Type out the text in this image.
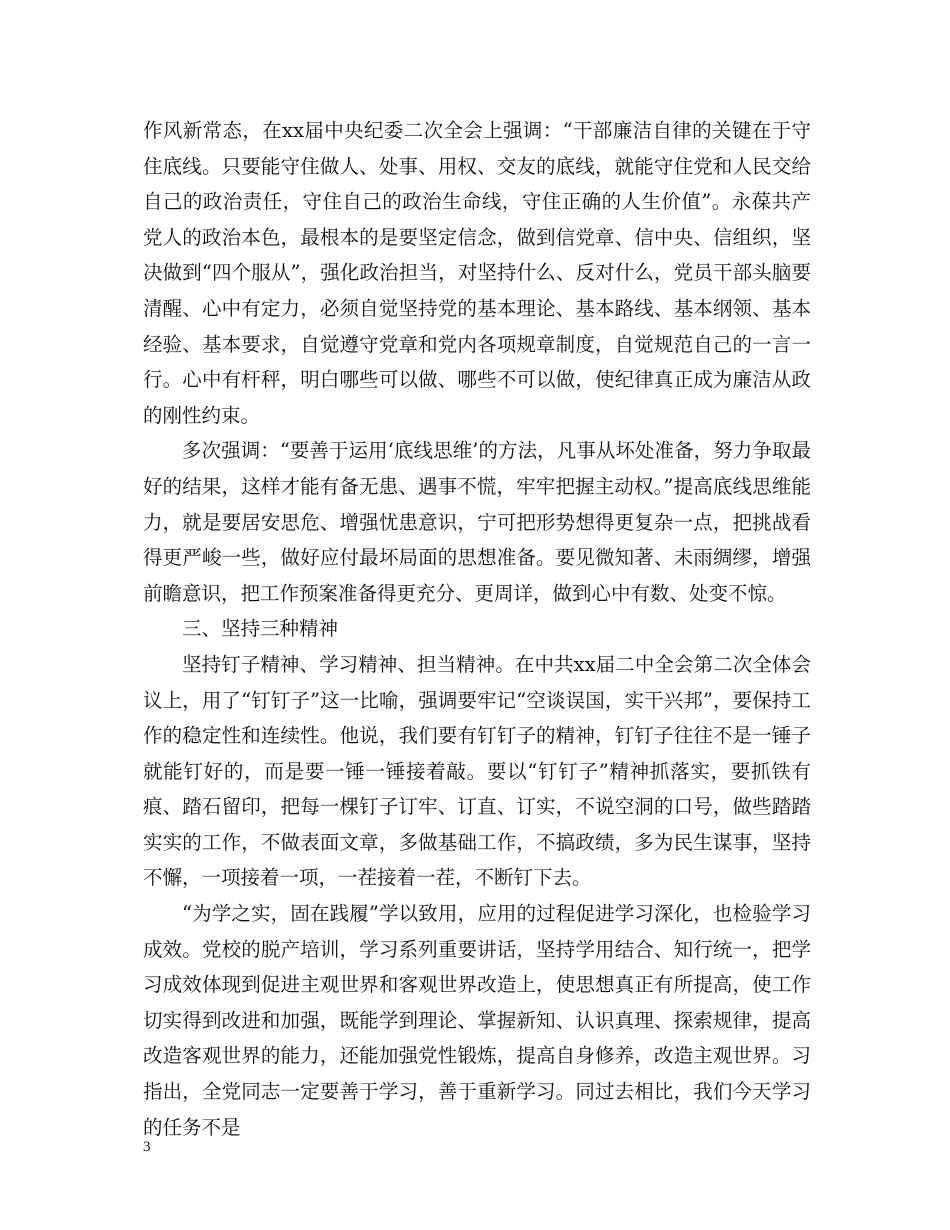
作风新常态，在xx届中央纪委二次全会上强调：“干部廉洁自律的关键在于守住底线。只要能守住做人、处事、用权、交友的底线，就能守住党和人民交给自己的政治责任，守住自己的政治生命线，守住正确的人生价值”。永葆共产党人的政治本色，最根本的是要坚定信念，做到信党章、信中央、信组织，坚决做到“四个服从”，强化政治担当，对坚持什么、反对什么，党员干部头脑要清醒、心中有定力，必须自觉坚持党的基本理论、基本路线、基本纲领、基本经验、基本要求，自觉遵守党章和党内各项规章制度，自觉规范自己的一言一行。心中有杆秤，明白哪些可以做、哪些不可以做，使纪律真正成为廉洁从政的刚性约束。

多次强调：“要善于运用‘底线思维’的方法，凡事从坏处准备，努力争取最好的结果，这样才能有备无患、遇事不慌，牢牢把握主动权。”提高底线思维能力，就是要居安思危、增强忧患意识，宁可把形势想得更复杂一点，把挑战看得更严峻一些，做好应付最坏局面的思想准备。要见微知著、未雨绸缪，增强前瞻意识，把工作预案准备得更充分、更周详，做到心中有数、处变不惊。

三、坚持三种精神

坚持钉子精神、学习精神、担当精神。在中共xx届二中全会第二次全体会议上，用了“钉钉子”这一比喻，强调要牢记“空谈误国，实干兴邦”，要保持工作的稳定性和连续性。他说，我们要有钉钉子的精神，钉钉子往往不是一锤子就能钉好的，而是要一锤一锤接着敲。要以“钉钉子”精神抓落实，要抓铁有痕、踏石留印，把每一棵钉子订牢、订直、订实，不说空洞的口号，做些踏踏实实的工作，不做表面文章，多做基础工作，不搞政绩，多为民生谋事，坚持不懈，一项接着一项，一茬接着一茬，不断钉下去。

“为学之实，固在践履”学以致用，应用的过程促进学习深化，也检验学习成效。党校的脱产培训，学习系列重要讲话，坚持学用结合、知行统一，把学习成效体现到促进主观世界和客观世界改造上，使思想真正有所提高，使工作切实得到改进和加强，既能学到理论、掌握新知、认识真理、探索规律，提高改造客观世界的能力，还能加强党性锻炼，提高自身修养，改造主观世界。习指出，全党同志一定要善于学习，善于重新学习。同过去相比，我们今天学习的任务不是

3
